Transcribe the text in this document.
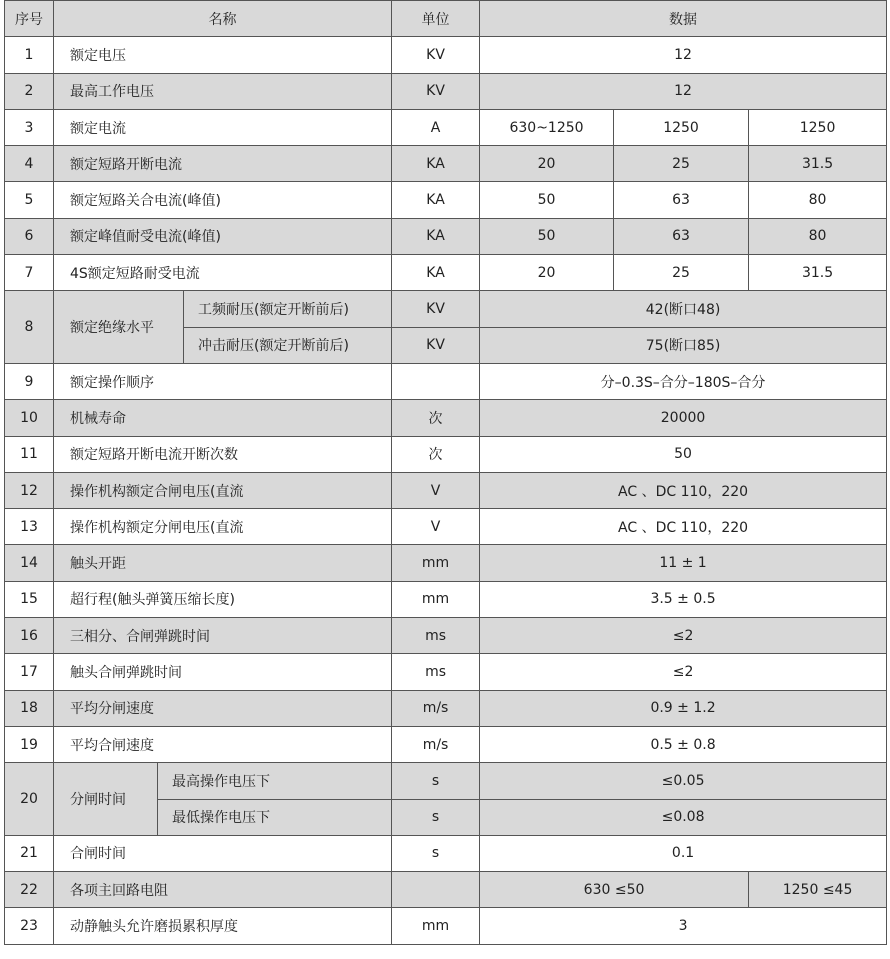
序号	名称			单位	数据		
1	额定电压			KV	12		
2	最高工作电压			KV	12		
3	额定电流			A	630~1250	1250	1250
4	额定短路开断电流			KA	20	25	31.5
5	额定短路关合电流(峰值)			KA	50	63	80
6	额定峰值耐受电流(峰值)			KA	50	63	80
7	4S额定短路耐受电流			KA	20	25	31.5
8	额定绝缘水平		工频耐压(额定开断前后)	KV	42(断口48)		
			冲击耐压(额定开断前后)	KV	75(断口85)		
9	额定操作顺序				分–0.3S–合分–180S–合分		
10	机械寿命			次	20000		
11	额定短路开断电流开断次数			次	50		
12	操作机构额定合闸电压(直流			V	AC 、DC 110，220		
13	操作机构额定分闸电压(直流			V	AC 、DC 110，220		
14	触头开距			mm	11 ± 1		
15	超行程(触头弹簧压缩长度)			mm	3.5 ± 0.5		
16	三相分、合闸弹跳时间			ms	≤2		
17	触头合闸弹跳时间			ms	≤2		
18	平均分闸速度			m/s	0.9 ± 1.2		
19	平均合闸速度			m/s	0.5 ± 0.8		
20	分闸时间	最高操作电压下		s	≤0.05		
		最低操作电压下		s	≤0.08		
21	合闸时间			s	0.1		
22	各项主回路电阻				630 ≤50		1250 ≤45
23	动静触头允许磨损累积厚度			mm	3		
